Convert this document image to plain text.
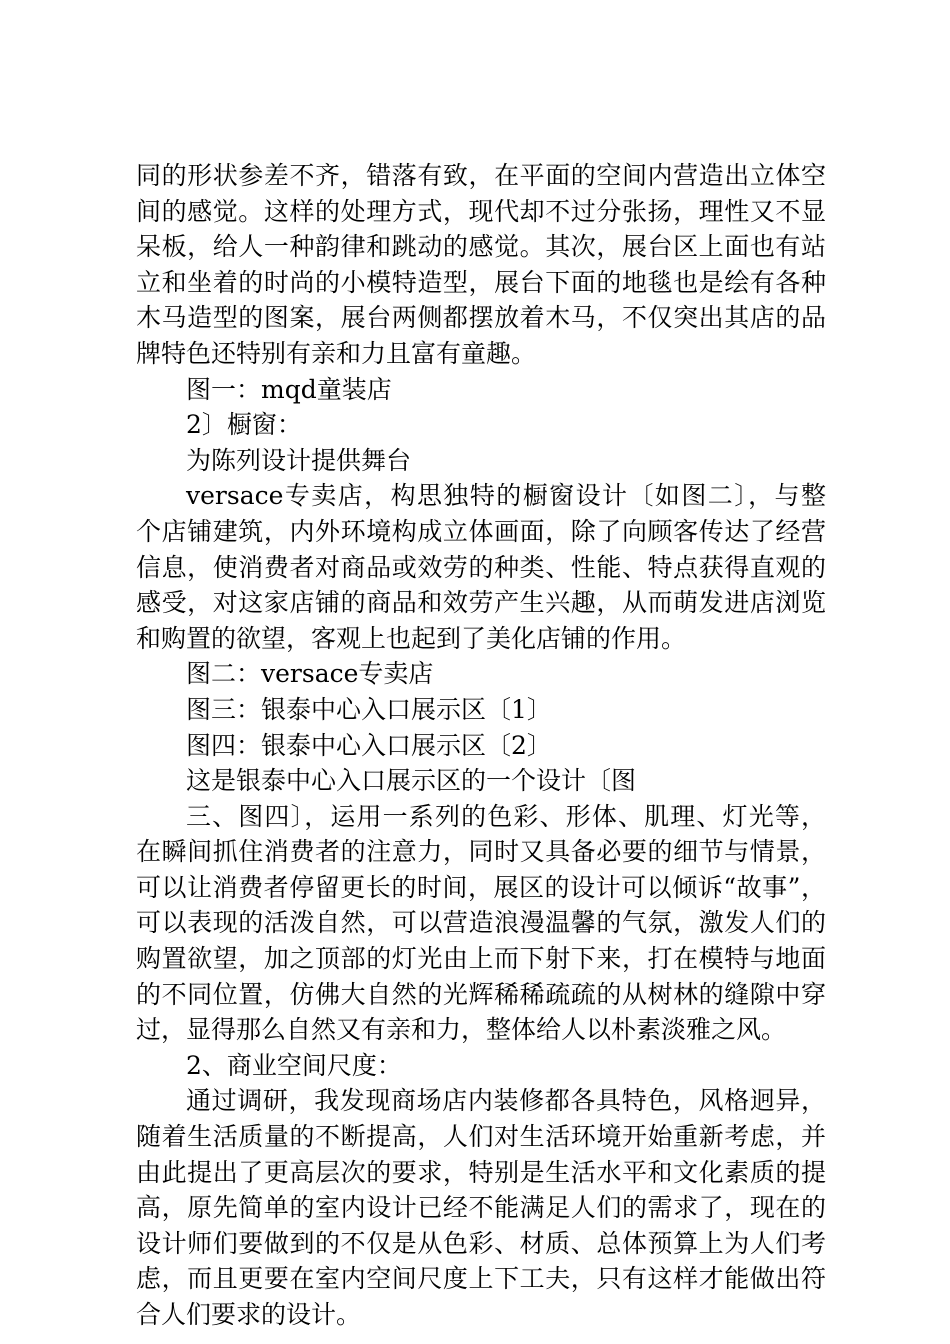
同的形状参差不齐，错落有致，在平面的空间内营造出立体空
间的感觉。这样的处理方式，现代却不过分张扬，理性又不显
呆板，给人一种韵律和跳动的感觉。其次，展台区上面也有站
立和坐着的时尚的小模特造型，展台下面的地毯也是绘有各种
木马造型的图案，展台两侧都摆放着木马，不仅突出其店的品
牌特色还特别有亲和力且富有童趣。
图一：mqd童装店
2〕橱窗：
为陈列设计提供舞台
versace专卖店，构思独特的橱窗设计〔如图二〕，与整
个店铺建筑，内外环境构成立体画面，除了向顾客传达了经营
信息，使消费者对商品或效劳的种类、性能、特点获得直观的
感受，对这家店铺的商品和效劳产生兴趣，从而萌发进店浏览
和购置的欲望，客观上也起到了美化店铺的作用。
图二：versace专卖店
图三：银泰中心入口展示区〔1〕
图四：银泰中心入口展示区〔2〕
这是银泰中心入口展示区的一个设计〔图
三、图四〕，运用一系列的色彩、形体、肌理、灯光等，
在瞬间抓住消费者的注意力，同时又具备必要的细节与情景，
可以让消费者停留更长的时间，展区的设计可以倾诉“故事”，
可以表现的活泼自然，可以营造浪漫温馨的气氛，激发人们的
购置欲望，加之顶部的灯光由上而下射下来，打在模特与地面
的不同位置，仿佛大自然的光辉稀稀疏疏的从树林的缝隙中穿
过，显得那么自然又有亲和力，整体给人以朴素淡雅之风。
2、商业空间尺度：
通过调研，我发现商场店内装修都各具特色，风格迥异，
随着生活质量的不断提高，人们对生活环境开始重新考虑，并
由此提出了更高层次的要求，特别是生活水平和文化素质的提
高，原先简单的室内设计已经不能满足人们的需求了，现在的
设计师们要做到的不仅是从色彩、材质、总体预算上为人们考
虑，而且更要在室内空间尺度上下工夫，只有这样才能做出符
合人们要求的设计。
